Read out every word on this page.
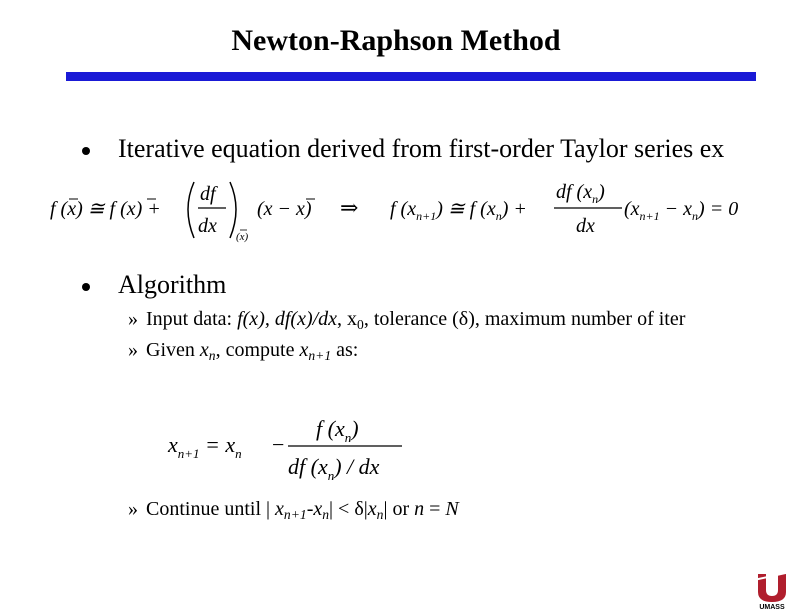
Newton-Raphson Method
Iterative equation derived from first-order Taylor series ex
f (x) ≅ f (x) +
df
dx (x)
(x − x) ⇒ f $(x_{n+1})$ ≅ f $(x_n)$ +
df $(x_n)$
dx
$(x_{n+1} - x_n) = 0$
Algorithm
» Input data: f(x), df(x)/dx, $x_0$, tolerance (δ), maximum number of iter
» Given $x_n$, compute $x_{n+1}$ as:
$x_{n+1} = x_n$ −
f $(x_n)$
df $(x_n)$ / dx
» Continue until | $x_{n+1}-x_n| < \delta|x_n|$ or n = N
UMASS
